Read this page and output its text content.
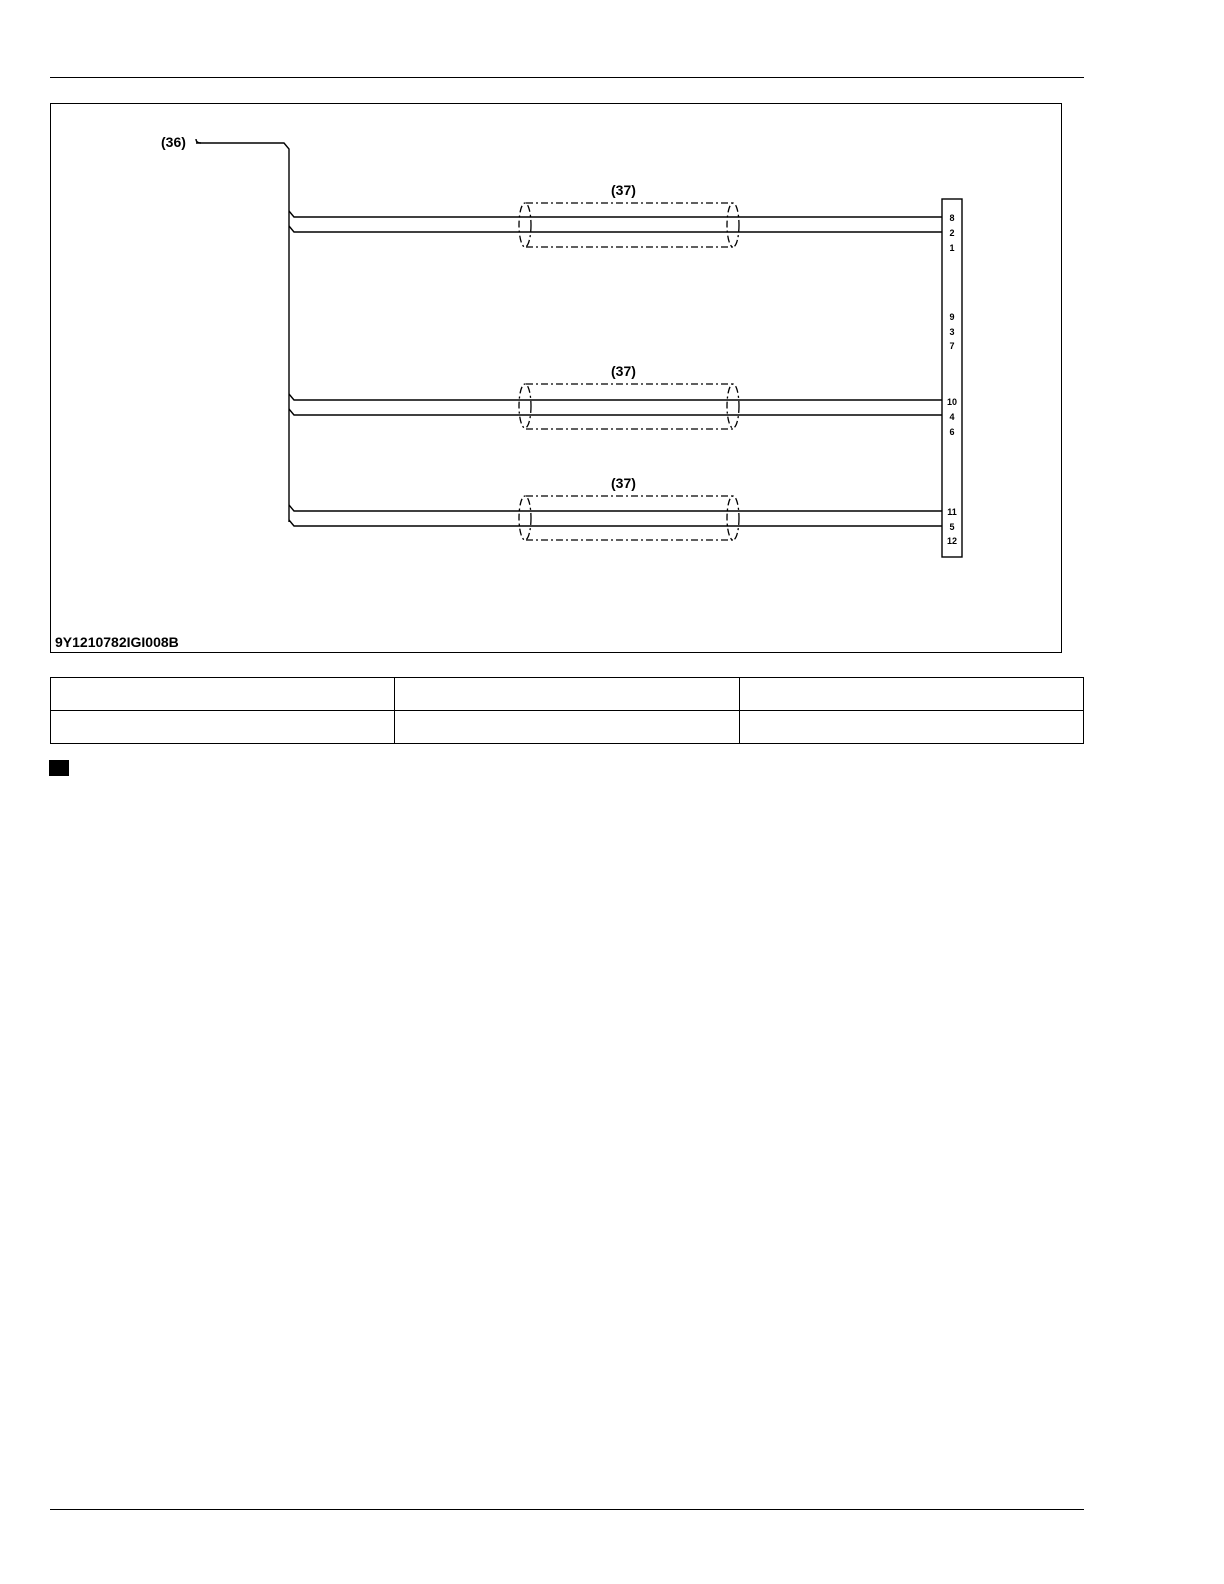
(36)
(37)
(37)
(37)
8
2
1
9
3
7
10
4
6
11
5
12
9Y1210782IGI008B
